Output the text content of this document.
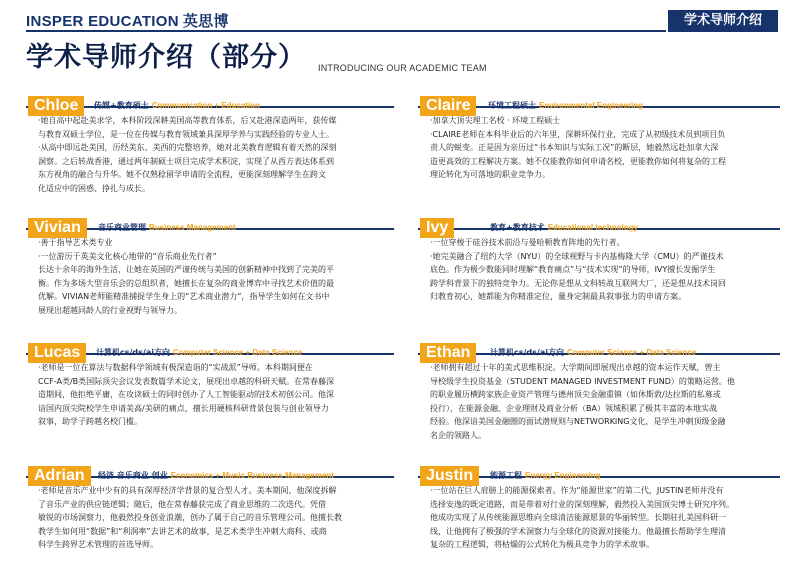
INSPER EDUCATION 英思博	学术导师介绍
学术导师介绍（部分） INTRODUCING OUR ACADEMIC TEAM
Chloe	传媒+教育硕士 Communication + Education

·她自高中起赴美求学，本科阶段深耕美国高等教育体系，后又赴港深造两年，获传媒

与教育双硕士学位，是一位在传媒与教育领域兼具深厚学养与实践经验的专业人士。

·从高中即远赴美国，历经美东、美西的完整培养，她对北美教育逻辑有着天然的深刻

洞察。之后转战香港，通过两年制硕士项目完成学术积淀，实现了从西方表达体系到

东方视角的融合与升华。她不仅熟稔留学申请的全流程，更能深刻理解学生在跨文

化适应中的困惑、挣扎与成长。

Vivian	音乐商业管理 Business Management

·善于指导艺术类专业

·一位游历于英美文化核心地带的“音乐商业先行者”

长达十余年的海外生活，让她在英国的严谨传统与美国的创新精神中找到了完美的平

衡。作为多场大型音乐会的总组织者，她擅长在复杂的商业博弈中寻找艺术价值的最

优解。VIVIAN老师能精准捕捉学生身上的“艺术商业潜力”，指导学生如何在文书中

展现出超越同龄人的行业视野与领导力。

Lucas	计算机cs/ds/ai方向 Computer Science + Data Science

·老师是一位在算法与数据科学领域有极深造诣的“实战派”导师。本科期间便在

CCF-A类/B类国际顶尖会议发表数篇学术论文，展现出卓越的科研天赋。在常春藤深

造期间，他拒绝平庸，在攻读硕士的同时创办了人工智能驱动的技术初创公司。他深

谙国内顶尖院校学生申请美高/美研的痛点，擅长用硬核科研背景包装与创业领导力

叙事，助学子跨越名校门槛。

Adrian	经济 音乐商业 创业 Economics + Music Business Management

·老师是音乐产业中少有的具有深厚经济学背景的复合型人才。美本期间，他深度拆解

了音乐产业的供应链逻辑；随后，他在常春藤获完成了商业思维的二次迭代。凭借

敏锐的市场洞察力，他毅然投身创业浪潮，创办了属于自己的音乐管理公司。他擅长教

教学生如何用“数据”和“利润率”去讲艺术的故事，是艺术类学生冲刺大商科、或商

科学生跨界艺术管理的首选导师。

Claire	环境工程硕士 Environmental Engineering

·加拿大顶尖理工名校 · 环境工程硕士

·CLAIRE老师在本科毕业后的六年里，深耕环保行业，完成了从初级技术员到项目负

责人的蜕变。正是因为亲历过“书本知识与实际工况”的断层，她毅然远赴加拿大深

造更高效的工程解决方案。她不仅能教你如何申请名校，更能教你如何将复杂的工程

理论转化为可落地的职业竞争力。

Ivy	教育+教育技术 Educational technology

·一位穿梭于硅谷技术前沿与曼哈顿教育阵地的先行者。

·她完美融合了纽约大学（NYU）的全球视野与卡内基梅隆大学（CMU）的严谨技术

底色。作为极少数能同时理解“教育痛点”与“技术实现”的导师，IVY擅长发掘学生

跨学科背景下的独特竞争力。无论你是想从文科转战互联网大厂，还是想从技术岗回

归教育初心，她都能为你精准定位，量身定制最具叙事张力的申请方案。

Ethan	计算机cs/ds/ai方向 Computer Science + Data Science

·老师拥有超过十年的美式思维积淀。大学期间即展现出卓越的资本运作天赋，曾主

导校级学生投资基金（STUDENT MANAGED INVESTMENT FUND）的策略运营。他

的职业履历横跨家族企业资产管理与德州顶尖金融重镇（如休斯敦/达拉斯的私募或

投行），在能源金融、企业理财及商业分析（BA）领域积累了极其丰富的本地实战

经验。他深谙美国金融圈的面试潜规则与NETWORKING文化，是学生冲刺顶级金融

名企的领路人。

Justin	能源工程 Energy Engineering

·一位站在巨人肩膀上的能源探索者。作为“能源世家”的第二代，JUSTIN老师并没有

选择安逸的既定道路，而是带着对行业的深刻理解，毅然投入美国顶尖博士研究序列。

他成功实现了从传统能源思维向全球清洁能源愿景的华丽转型。长期驻扎美国科研一

线，让他拥有了极强的学术洞察力与全球化的资源对接能力。他最擅长帮助学生理清

复杂的工程逻辑，将枯燥的公式转化为极具竞争力的学术故事。
